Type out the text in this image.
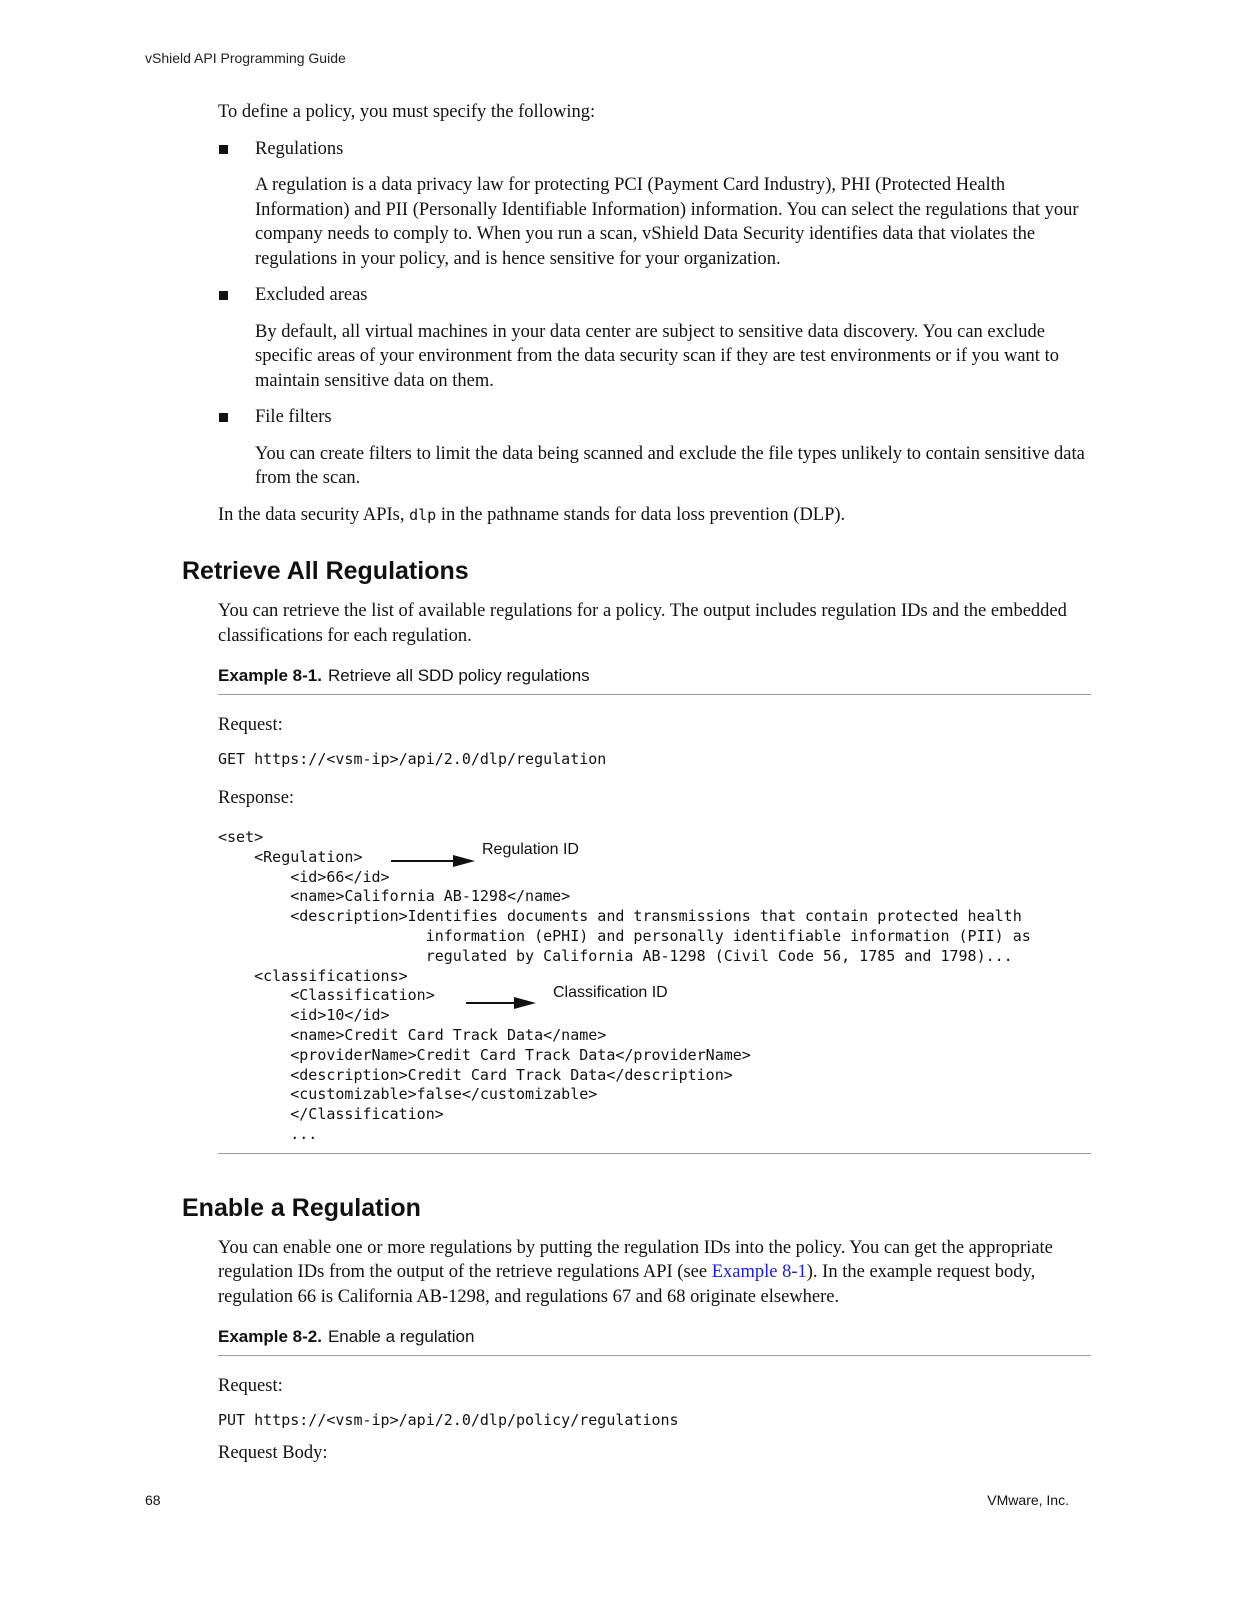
vShield API Programming Guide

To define a policy, you must specify the following:

Regulations

A regulation is a data privacy law for protecting PCI (Payment Card Industry), PHI (Protected Health Information) and PII (Personally Identifiable Information) information. You can select the regulations that your company needs to comply to. When you run a scan, vShield Data Security identifies data that violates the regulations in your policy, and is hence sensitive for your organization.

Excluded areas

By default, all virtual machines in your data center are subject to sensitive data discovery. You can exclude specific areas of your environment from the data security scan if they are test environments or if you want to maintain sensitive data on them.

File filters

You can create filters to limit the data being scanned and exclude the file types unlikely to contain sensitive data from the scan.

In the data security APIs, dlp in the pathname stands for data loss prevention (DLP).

Retrieve All Regulations

You can retrieve the list of available regulations for a policy. The output includes regulation IDs and the embedded classifications for each regulation.

Example 8-1. Retrieve all SDD policy regulations

Request:

GET https://<vsm-ip>/api/2.0/dlp/regulation

Response:

<set>
<Regulation>
<id>66</id>
<name>California AB-1298</name>
<description>Identifies documents and transmissions that contain protected health
information (ePHI) and personally identifiable information (PII) as
regulated by California AB-1298 (Civil Code 56, 1785 and 1798)...
<classifications>
<Classification>
<id>10</id>
<name>Credit Card Track Data</name>
<providerName>Credit Card Track Data</providerName>
<description>Credit Card Track Data</description>
<customizable>false</customizable>
</Classification>
...
Regulation ID
Classification ID
Enable a Regulation

You can enable one or more regulations by putting the regulation IDs into the policy. You can get the appropriate regulation IDs from the output of the retrieve regulations API (see Example 8-1). In the example request body, regulation 66 is California AB-1298, and regulations 67 and 68 originate elsewhere.

Example 8-2. Enable a regulation

Request:

PUT https://<vsm-ip>/api/2.0/dlp/policy/regulations

Request Body:

68	VMware, Inc.
